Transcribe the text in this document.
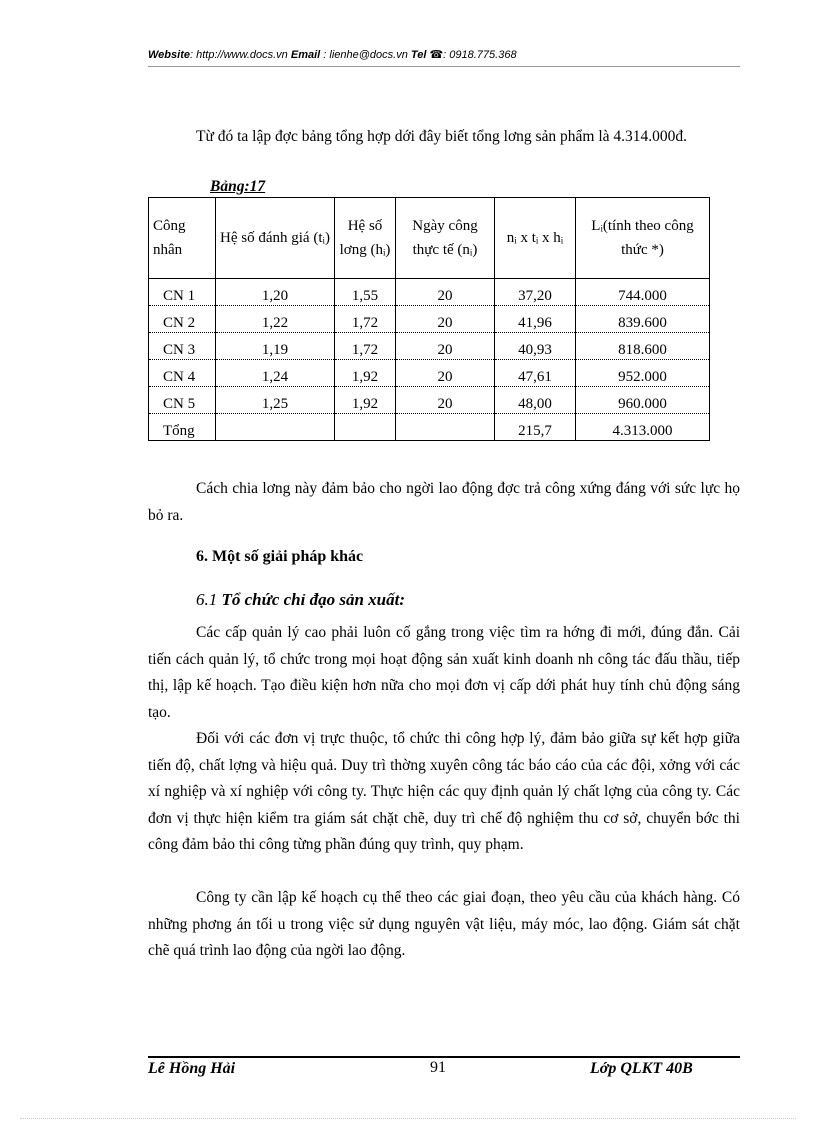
Website: http://www.docs.vn Email : lienhe@docs.vn Tel ☎: 0918.775.368
Từ đó ta lập đợc bảng tổng hợp dới đây biết tổng lơng sản phẩm là 4.314.000đ.
Bảng:17
Công nhân	Hệ số đánh giá (tᵢ)	Hệ số lơng (hᵢ)	Ngày công thực tế (nᵢ)	nᵢ x tᵢ x hᵢ	Lᵢ(tính theo công thức *)
CN 1	1,20	1,55	20	37,20	744.000
CN 2	1,22	1,72	20	41,96	839.600
CN 3	1,19	1,72	20	40,93	818.600
CN 4	1,24	1,92	20	47,61	952.000
CN 5	1,25	1,92	20	48,00	960.000
Tổng				215,7	4.313.000
Cách chia lơng này đảm bảo cho ngời lao động đợc trả công xứng đáng với sức lực họ bỏ ra.
6. Một số giải pháp khác
6.1 Tổ chức chỉ đạo sản xuất:
Các cấp quản lý cao phải luôn cố gắng trong việc tìm ra hớng đi mới, đúng đắn. Cải tiến cách quản lý, tổ chức trong mọi hoạt động sản xuất kinh doanh nh công tác đấu thầu, tiếp thị, lập kế hoạch. Tạo điều kiện hơn nữa cho mọi đơn vị cấp dới phát huy tính chủ động sáng tạo.
Đối với các đơn vị trực thuộc, tổ chức thi công hợp lý, đảm bảo giữa sự kết hợp giữa tiến độ, chất lợng và hiệu quả. Duy trì thờng xuyên công tác báo cáo của các đội, xởng với các xí nghiệp và xí nghiệp với công ty. Thực hiện các quy định quản lý chất lợng của công ty. Các đơn vị thực hiện kiểm tra giám sát chặt chẽ, duy trì chế độ nghiệm thu cơ sở, chuyển bớc thi công đảm bảo thi công từng phần đúng quy trình, quy phạm.
Công ty cần lập kế hoạch cụ thể theo các giai đoạn, theo yêu cầu của khách hàng. Có những phơng án tối u trong việc sử dụng nguyên vật liệu, máy móc, lao động. Giám sát chặt chẽ quá trình lao động của ngời lao động.
Lê Hồng Hải	91	Lớp QLKT 40B
